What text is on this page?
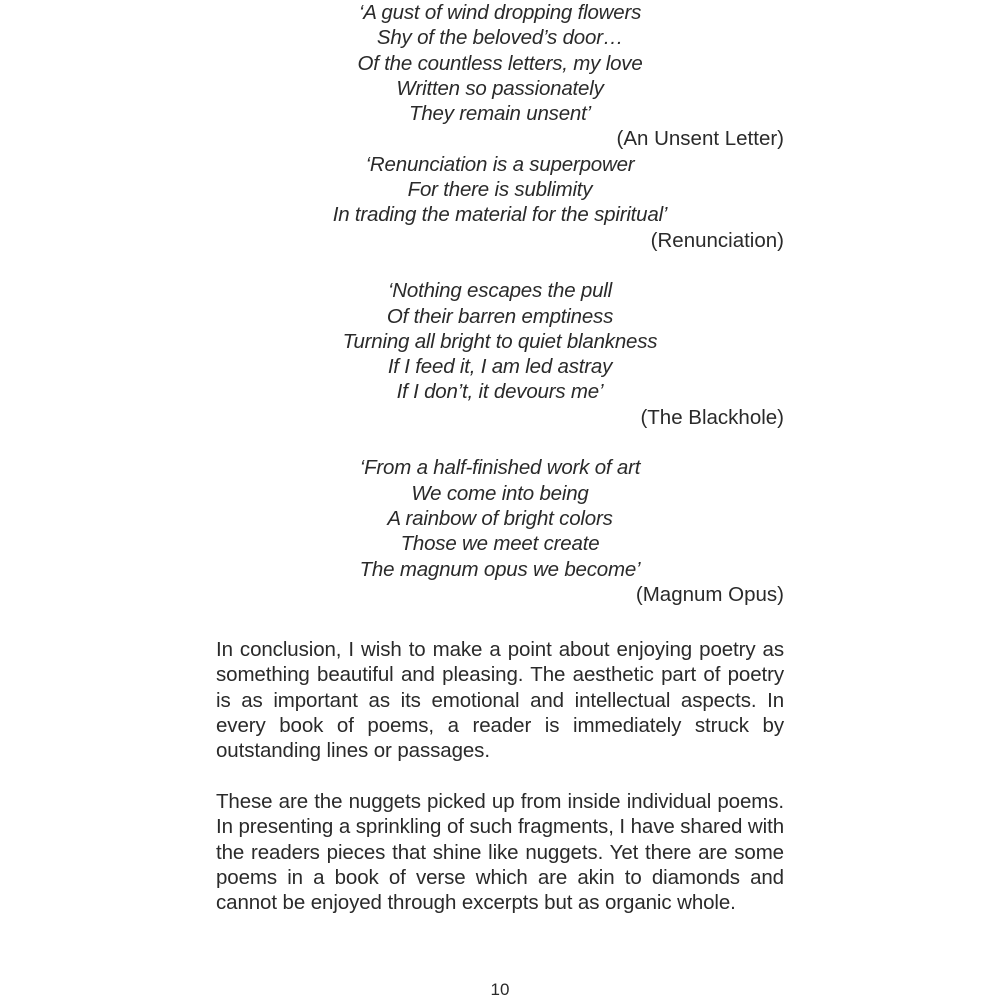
‘A gust of wind dropping flowers
Shy of the beloved’s door…
Of the countless letters, my love
Written so passionately
They remain unsent’
(An Unsent Letter)
‘Renunciation is a superpower
For there is sublimity
In trading the material for the spiritual’
(Renunciation)
‘Nothing escapes the pull
Of their barren emptiness
Turning all bright to quiet blankness
If I feed it, I am led astray
If I don’t, it devours me’
(The Blackhole)
‘From a half-finished work of art
We come into being
A rainbow of bright colors
Those we meet create
The magnum opus we become’
(Magnum Opus)

In conclusion, I wish to make a point about enjoying poetry as something beautiful and pleasing. The aesthetic part of poetry is as important as its emotional and intellectual aspects. In every book of poems, a reader is immediately struck by outstanding lines or passages.

These are the nuggets picked up from inside individual poems. In presenting a sprinkling of such fragments, I have shared with the readers pieces that shine like nuggets. Yet there are some poems in a book of verse which are akin to diamonds and cannot be enjoyed through excerpts but as organic whole.

10
